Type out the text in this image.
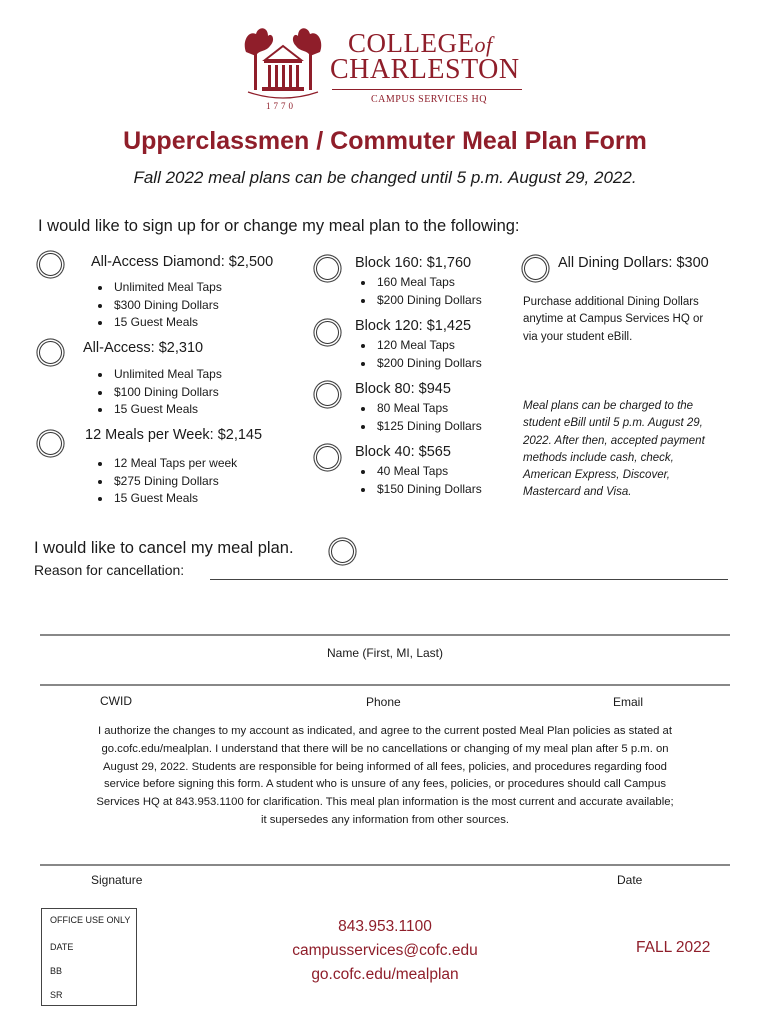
1770
COLLEGEof
CHARLESTON
CAMPUS SERVICES HQ
Upperclassmen / Commuter Meal Plan Form
Fall 2022 meal plans can be changed until 5 p.m. August 29, 2022.
I would like to sign up for or change my meal plan to the following:
All-Access Diamond: $2,500
• Unlimited Meal Taps
• $300 Dining Dollars
• 15 Guest Meals
All-Access: $2,310
• Unlimited Meal Taps
• $100 Dining Dollars
• 15 Guest Meals
12 Meals per Week: $2,145
• 12 Meal Taps per week
• $275 Dining Dollars
• 15 Guest Meals
Block 160: $1,760
• 160 Meal Taps
• $200 Dining Dollars
Block 120: $1,425
• 120 Meal Taps
• $200 Dining Dollars
Block 80: $945
• 80 Meal Taps
• $125 Dining Dollars
Block 40: $565
• 40 Meal Taps
• $150 Dining Dollars
All Dining Dollars: $300
Purchase additional Dining Dollars
anytime at Campus Services HQ or
via your student eBill.
Meal plans can be charged to the
student eBill until 5 p.m. August 29,
2022. After then, accepted payment
methods include cash, check,
American Express, Discover,
Mastercard and Visa.
I would like to cancel my meal plan.
Reason for cancellation:
Name (First, MI, Last)
CWID	Phone	Email
I authorize the changes to my account as indicated, and agree to the current posted Meal Plan policies as stated at
go.cofc.edu/mealplan. I understand that there will be no cancellations or changing of my meal plan after 5 p.m. on
August 29, 2022. Students are responsible for being informed of all fees, policies, and procedures regarding food
service before signing this form. A student who is unsure of any fees, policies, or procedures should call Campus
Services HQ at 843.953.1100 for clarification. This meal plan information is the most current and accurate available;
it supersedes any information from other sources.
Signature	Date
OFFICE USE ONLY
DATE
BB
SR
843.953.1100
campusservices@cofc.edu
go.cofc.edu/mealplan
FALL 2022
